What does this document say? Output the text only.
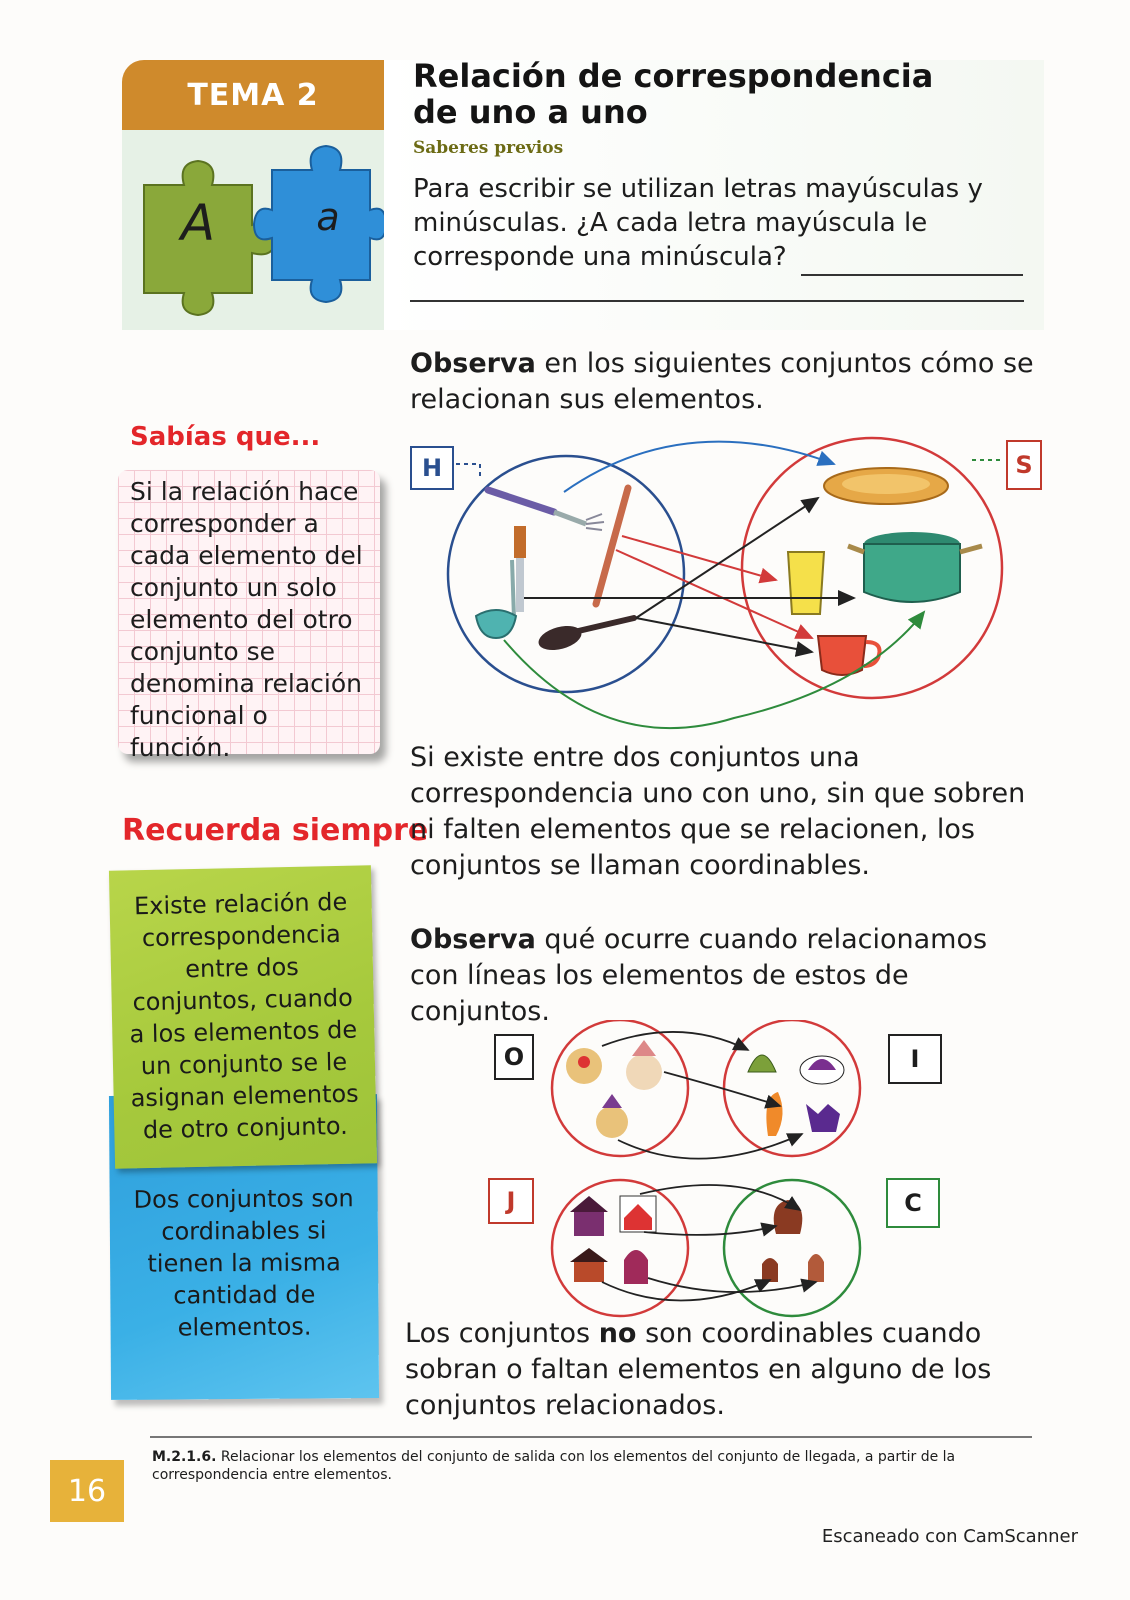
A	a
TEMA 2	Relación de correspondencia
de uno a uno
Saberes previos
Para escribir se utilizan letras mayúsculas y minúsculas. ¿A cada letra mayúscula le corresponde una minúscula?
Sabías que...
Si la relación hace corresponder a cada elemento del conjunto un solo elemento del otro conjunto se denomina relación funcional o función.
Recuerda siempre
Dos conjuntos son cordinables si tienen la misma cantidad de elementos.
Existe relación de correspondencia entre dos conjuntos, cuando a los elementos de un conjunto se le asignan elementos de otro conjunto.
Observa en los siguientes conjuntos cómo se relacionan sus elementos.
H	S
Si existe entre dos conjuntos una correspondencia uno con uno, sin que sobren ni falten elementos que se relacionen, los conjuntos se llaman coordinables.
Observa qué ocurre cuando relacionamos con líneas los elementos de estos de conjuntos.
O	I
J	C
Los conjuntos no son coordinables cuando sobran o faltan elementos en alguno de los conjuntos relacionados.
M.2.1.6. Relacionar los elementos del conjunto de salida con los elementos del conjunto de llegada, a partir de la correspondencia entre elementos.
16
Escaneado con CamScanner
